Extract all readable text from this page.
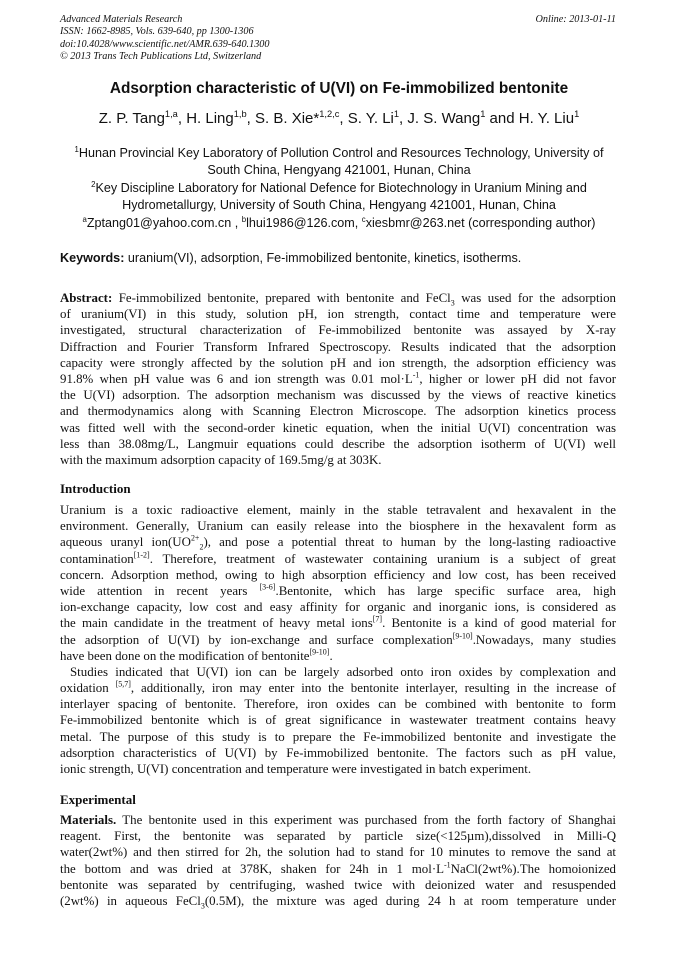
Advanced Materials Research
ISSN: 1662-8985, Vols. 639-640, pp 1300-1306
doi:10.4028/www.scientific.net/AMR.639-640.1300
© 2013 Trans Tech Publications Ltd, Switzerland
Online: 2013-01-11
Adsorption characteristic of U(VI) on Fe-immobilized bentonite
Z. P. Tang$^{1,a}$, H. Ling$^{1,b}$, S. B. Xie*$^{1,2,c}$, S. Y. Li$^1$, J. S. Wang$^1$ and H. Y. Liu$^1$
$^1$Hunan Provincial Key Laboratory of Pollution Control and Resources Technology, University of
South China, Hengyang 421001, Hunan, China
$^2$Key Discipline Laboratory for National Defence for Biotechnology in Uranium Mining and
Hydrometallurgy, University of South China, Hengyang 421001, Hunan, China
$^a$Zptang01@yahoo.com.cn , $^b$lhui1986@126.com, $^c$xiesbmr@263.net (corresponding author)
Keywords: uranium(VI), adsorption, Fe-immobilized bentonite, kinetics, isotherms.
Abstract: Fe-immobilized bentonite, prepared with bentonite and FeCl$_3$ was used for the adsorption
of uranium(VI) in this study, solution pH, ion strength, contact time and temperature were
investigated, structural characterization of Fe-immobilized bentonite was assayed by X-ray
Diffraction and Fourier Transform Infrared Spectroscopy. Results indicated that the adsorption
capacity were strongly affected by the solution pH and ion strength, the adsorption efficiency was
91.8% when pH value was 6 and ion strength was 0.01 $mol\cdot L^{-1}$, higher or lower pH did not favor
the U(VI) adsorption. The adsorption mechanism was discussed by the views of reactive kinetics
and thermodynamics along with Scanning Electron Microscope. The adsorption kinetics process
was fitted well with the second-order kinetic equation, when the initial U(VI) concentration was
less than 38.08mg/L, Langmuir equations could describe the adsorption isotherm of U(VI) well
with the maximum adsorption capacity of 169.5mg/g at 303K.
Introduction
Uranium is a toxic radioactive element, mainly in the stable tetravalent and hexavalent in the
environment. Generally, Uranium can easily release into the biosphere in the hexavalent form as
aqueous uranyl $ion(UO^{2+}_2)$, and pose a potential threat to human by the long-lasting radioactive
contamination[1-2]. Therefore, treatment of wastewater containing uranium is a subject of great
concern. Adsorption method, owing to high absorption efficiency and low cost, has been received
wide attention in recent years [3-6].Bentonite, which has large specific surface area, high
ion-exchange capacity, low cost and easy affinity for organic and inorganic ions, is considered as
the main candidate in the treatment of heavy metal ions[7]. Bentonite is a kind of good material for
the adsorption of U(VI) by ion-exchange and surface complexation[9-10].Nowadays, many studies
have been done on the modification of bentonite[9-10].
Studies indicated that U(VI) ion can be largely adsorbed onto iron oxides by complexation and
oxidation [5,7], additionally, iron may enter into the bentonite interlayer, resulting in the increase of
interlayer spacing of bentonite. Therefore, iron oxides can be combined with bentonite to form
Fe-immobilized bentonite which is of great significance in wastewater treatment contains heavy
metal. The purpose of this study is to prepare the Fe-immobilized bentonite and investigate the
adsorption characteristics of U(VI) by Fe-immobilized bentonite. The factors such as pH value,
ionic strength, U(VI) concentration and temperature were investigated in batch experiment.
Experimental
Materials. The bentonite used in this experiment was purchased from the forth factory of Shanghai
reagent. First, the bentonite was separated by particle size(<125µm),dissolved in Milli-Q
water(2wt%) and then stirred for 2h, the solution had to stand for 10 minutes to remove the sand at
the bottom and was dried at 378K, shaken for 24h in 1 $mol\cdot L^{-1}NaCl(2wt\%).The$ homoionized
bentonite was separated by centrifuging, washed twice with deionized water and resuspended
(2wt%) in aqueous FeCl$_3$(0.5M), the mixture was aged during 24 h at room temperature under
